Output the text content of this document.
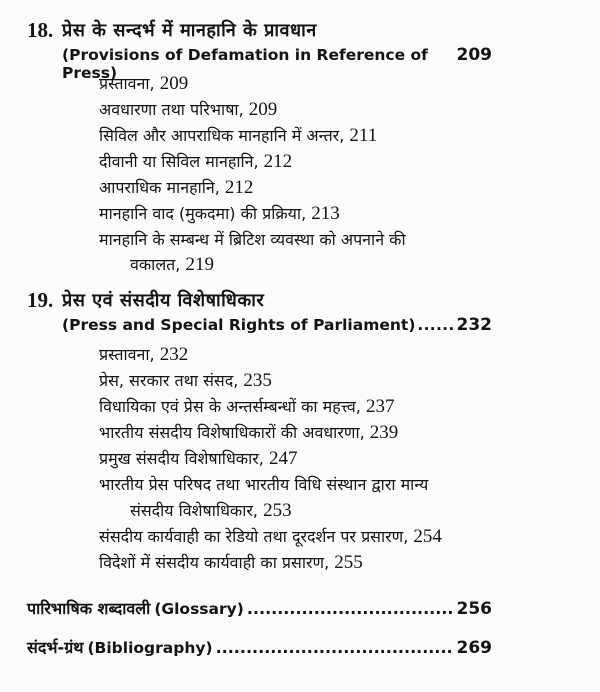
18. प्रेस के सन्दर्भ में मानहानि के प्रावधान
(Provisions of Defamation in Reference of Press)
209
प्रस्तावना, 209
अवधारणा तथा परिभाषा, 209
सिविल और आपराधिक मानहानि में अन्तर, 211
दीवानी या सिविल मानहानि, 212
आपराधिक मानहानि, 212
मानहानि वाद (मुकदमा) की प्रक्रिया, 213
मानहानि के सम्बन्ध में ब्रिटिश व्यवस्था को अपनाने की
वकालत, 219
19. प्रेस एवं संसदीय विशेषाधिकार
(Press and Special Rights of Parliament) ..... 232
प्रस्तावना, 232
प्रेस, सरकार तथा संसद, 235
विधायिका एवं प्रेस के अन्तर्सम्बन्धों का महत्त्व, 237
भारतीय संसदीय विशेषाधिकारों की अवधारणा, 239
प्रमुख संसदीय विशेषाधिकार, 247
भारतीय प्रेस परिषद तथा भारतीय विधि संस्थान द्वारा मान्य
संसदीय विशेषाधिकार, 253
संसदीय कार्यवाही का रेडियो तथा दूरदर्शन पर प्रसारण, 254
विदेशों में संसदीय कार्यवाही का प्रसारण, 255
पारिभाषिक शब्दावली (Glossary) .....	256
संदर्भ-ग्रंथ (Bibliography) .....	269
